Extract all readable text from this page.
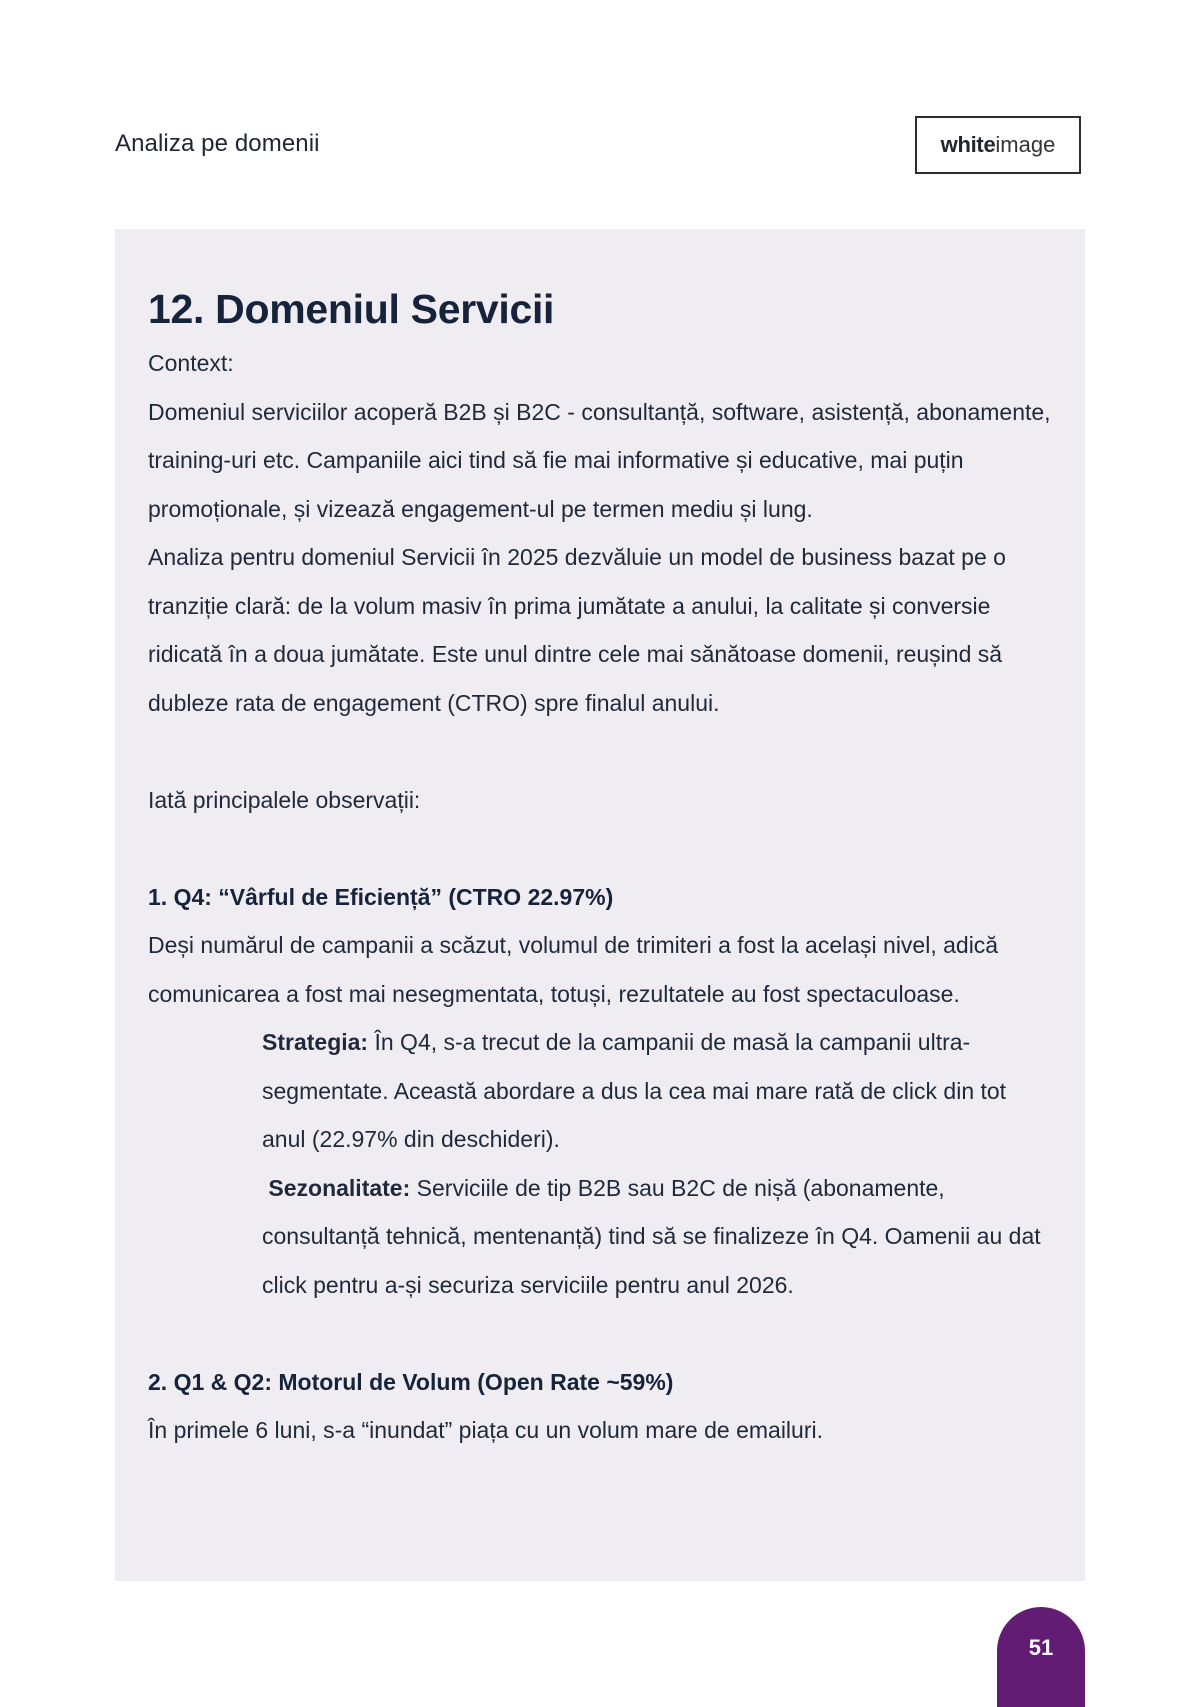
Analiza pe domenii	white image
12. Domeniul Servicii

Context:

Domeniul serviciilor acoperă B2B și B2C - consultanță, software, asistență, abonamente, training-uri etc. Campaniile aici tind să fie mai informative și educative, mai puțin promoționale, și vizează engagement-ul pe termen mediu și lung.

Analiza pentru domeniul Servicii în 2025 dezvăluie un model de business bazat pe o tranziție clară: de la volum masiv în prima jumătate a anului, la calitate și conversie ridicată în a doua jumătate. Este unul dintre cele mai sănătoase domenii, reușind să dubleze rata de engagement (CTRO) spre finalul anului.

Iată principalele observații:

1. Q4: “Vârful de Eficiență” (CTRO 22.97%)

Deși numărul de campanii a scăzut, volumul de trimiteri a fost la același nivel, adică comunicarea a fost mai nesegmentata, totuși, rezultatele au fost spectaculoase.

Strategia: În Q4, s-a trecut de la campanii de masă la campanii ultra-segmentate. Această abordare a dus la cea mai mare rată de click din tot anul (22.97% din deschideri).

Sezonalitate: Serviciile de tip B2B sau B2C de nișă (abonamente, consultanță tehnică, mentenanță) tind să se finalizeze în Q4. Oamenii au dat click pentru a-și securiza serviciile pentru anul 2026.

2. Q1 & Q2: Motorul de Volum (Open Rate ~59%)

În primele 6 luni, s-a “inundat” piața cu un volum mare de emailuri.

51
